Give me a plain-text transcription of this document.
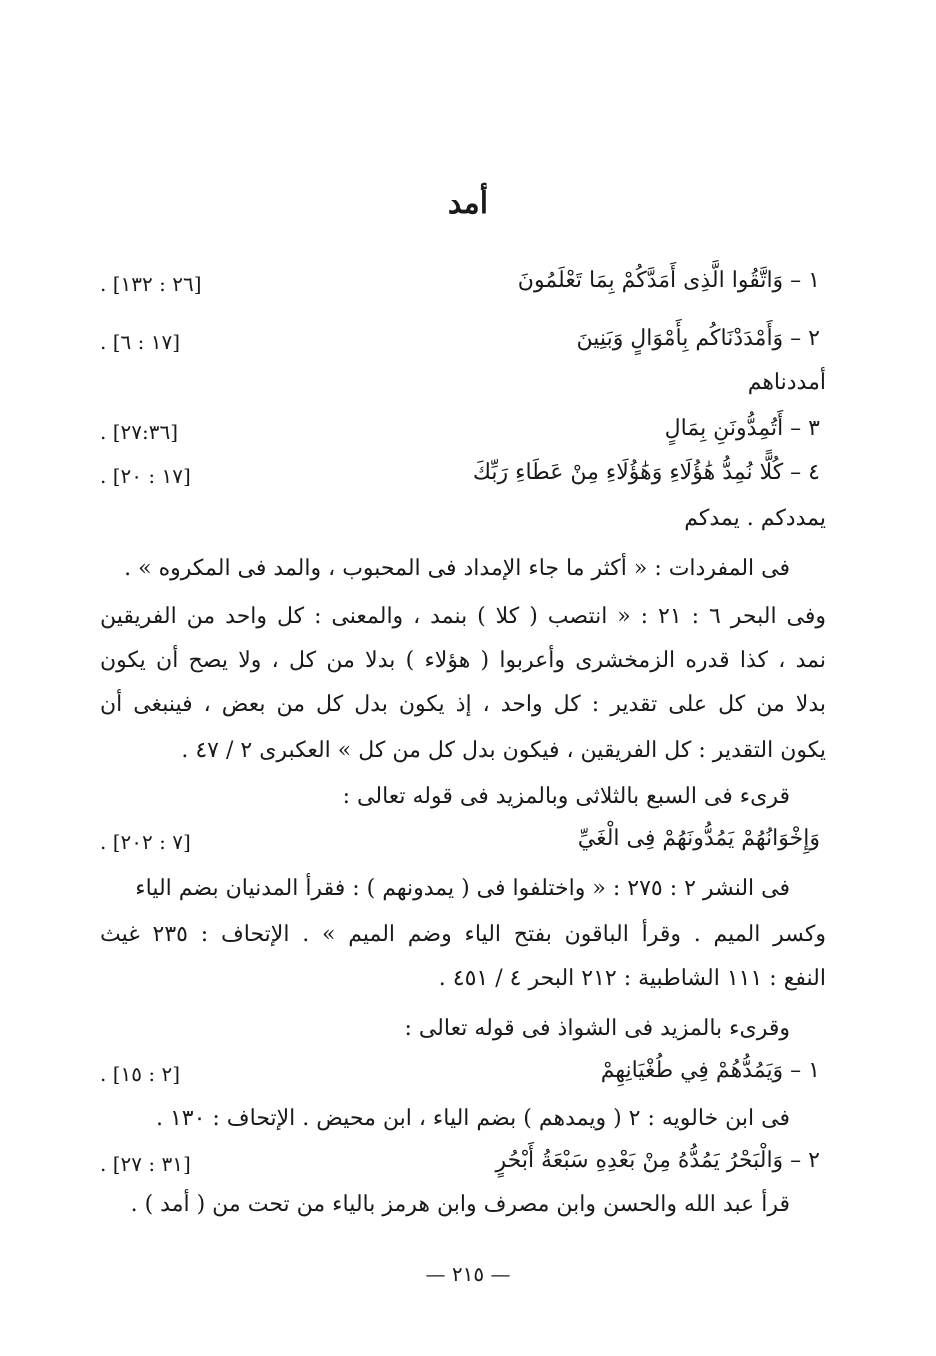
أمد
١ – وَاتَّقُوا الَّذِى أَمَدَّكُمْ بِمَا تَعْلَمُونَ
[٢٦ : ١٣٢] .
٢ – وَأَمْدَدْنَاكُم بِأَمْوَالٍ وَبَنِينَ
[١٧ : ٦] .
أمددناهم
٣ – أَتُمِدُّونَنِ بِمَالٍ
[٢٧:٣٦] .
٤ – كُلًّا نُمِدُّ هَٰؤُلَاءِ وَهَٰؤُلَاءِ مِنْ عَطَاءِ رَبِّكَ
[١٧ : ٢٠] .
يمددكم . يمدكم
فى المفردات : « أكثر ما جاء الإمداد فى المحبوب ، والمد فى المكروه » .
وفى البحر ٦ : ٢١ : « انتصب ( كلا ) بنمد ، والمعنى : كل واحد من الفريقين
نمد ، كذا قدره الزمخشرى وأعربوا ( هؤلاء ) بدلا من كل ، ولا يصح أن يكون
بدلا من كل على تقدير : كل واحد ، إذ يكون بدل كل من بعض ، فينبغى أن
يكون التقدير : كل الفريقين ، فيكون بدل كل من كل » العكبرى ٢ / ٤٧ .
قرىء فى السبع بالثلاثى وبالمزيد فى قوله تعالى :
وَإِخْوَانُهُمْ يَمُدُّونَهُمْ فِى الْغَيِّ
[٧ : ٢٠٢] .
فى النشر ٢ : ٢٧٥ : « واختلفوا فى ( يمدونهم ) : فقرأ المدنيان بضم الياء
وكسر الميم . وقرأ الباقون بفتح الياء وضم الميم » . الإتحاف : ٢٣٥ غيث
النفع : ١١١ الشاطبية : ٢١٢ البحر ٤ / ٤٥١ .
وقرىء بالمزيد فى الشواذ فى قوله تعالى :
١ – وَيَمُدُّهُمْ فِي طُغْيَانِهِمْ
[٢ : ١٥] .
فى ابن خالويه : ٢ ( ويمدهم ) بضم الياء ، ابن محيض . الإتحاف : ١٣٠ .
٢ – وَالْبَحْرُ يَمُدُّهُ مِنْ بَعْدِهِ سَبْعَةُ أَبْحُرٍ
[٣١ : ٢٧] .
قرأ عبد الله والحسن وابن مصرف وابن هرمز بالياء من تحت من ( أمد ) .
— ٢١٥ —
